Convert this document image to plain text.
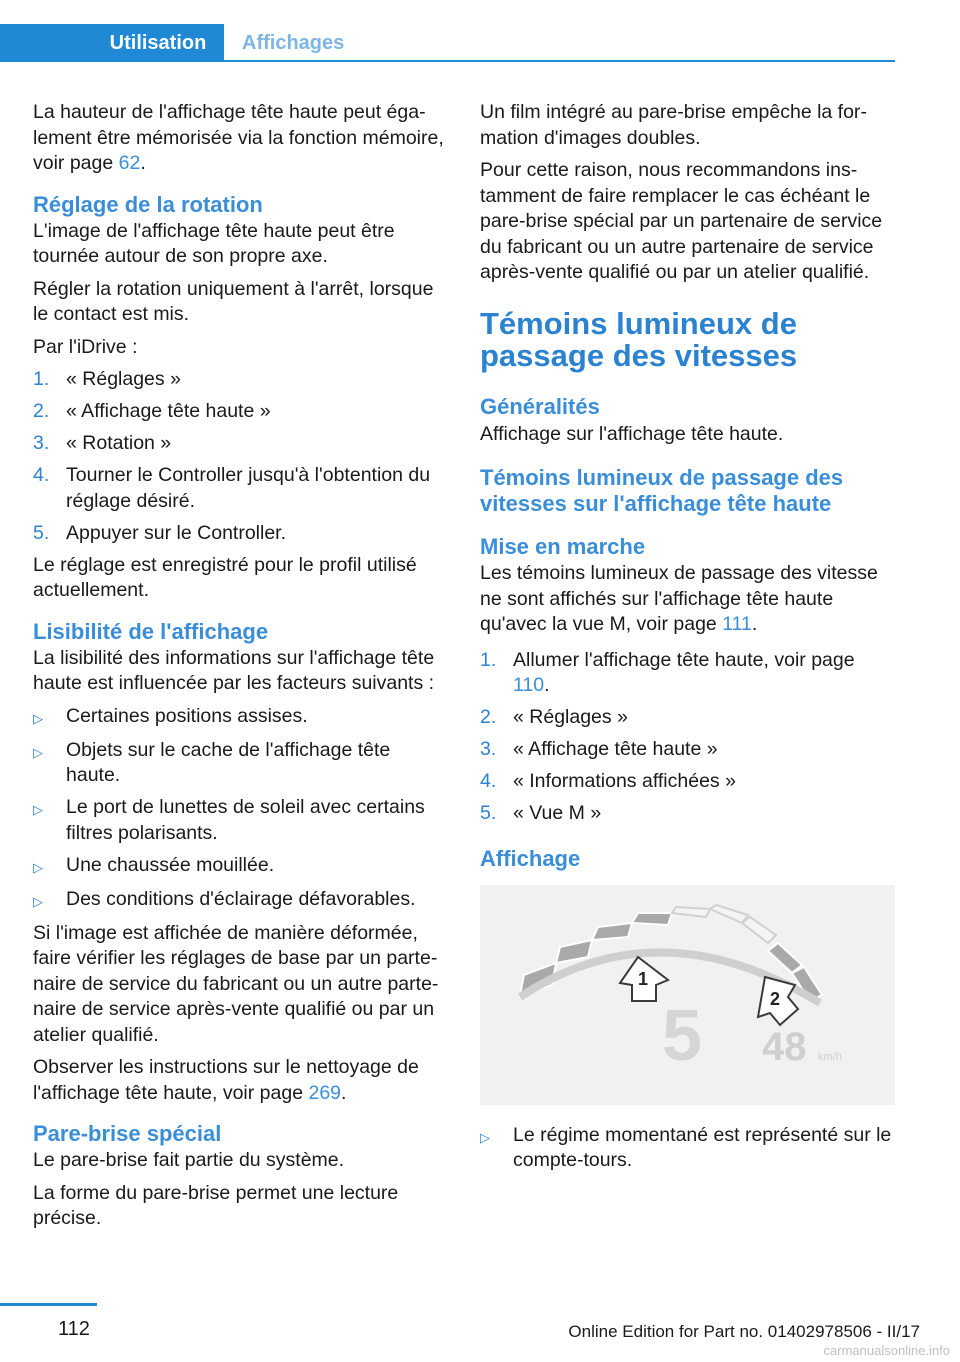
Utilisation	Affichages

La hauteur de l'affichage tête haute peut également être mémorisée via la fonction mémoire, voir page 62.

Réglage de la rotation

L'image de l'affichage tête haute peut être tournée autour de son propre axe.

Régler la rotation uniquement à l'arrêt, lorsque le contact est mis.

Par l'iDrive :

1. « Réglages »
2. « Affichage tête haute »
3. « Rotation »
4. Tourner le Controller jusqu'à l'obtention du réglage désiré.
5. Appuyer sur le Controller.

Le réglage est enregistré pour le profil utilisé actuellement.

Lisibilité de l'affichage

La lisibilité des informations sur l'affichage tête haute est influencée par les facteurs suivants :

▷	Certaines positions assises.
▷	Objets sur le cache de l'affichage tête haute.
▷	Le port de lunettes de soleil avec certains filtres polarisants.
▷	Une chaussée mouillée.
▷	Des conditions d'éclairage défavorables.

Si l'image est affichée de manière déformée, faire vérifier les réglages de base par un partenaire de service du fabricant ou un autre partenaire de service après-vente qualifié ou par un atelier qualifié.

Observer les instructions sur le nettoyage de l'affichage tête haute, voir page 269.

Pare-brise spécial

Le pare-brise fait partie du système.

La forme du pare-brise permet une lecture précise.

Un film intégré au pare-brise empêche la formation d'images doubles.

Pour cette raison, nous recommandons instamment de faire remplacer le cas échéant le pare-brise spécial par un partenaire de service du fabricant ou un autre partenaire de service après-vente qualifié ou par un atelier qualifié.

Témoins lumineux de passage des vitesses
Généralités

Affichage sur l'affichage tête haute.

Témoins lumineux de passage des vitesses sur l'affichage tête haute
Mise en marche

Les témoins lumineux de passage des vitesse ne sont affichés sur l'affichage tête haute qu'avec la vue M, voir page 111.

1. Allumer l'affichage tête haute, voir page 110.
2. « Réglages »
3. « Affichage tête haute »
4. « Informations affichées »
5. « Vue M »
Affichage
1
2
5 48 km/h
▷	Le régime momentané est représenté sur le compte-tours.
112	Online Edition for Part no. 01402978506 - II/17
carmanualsonline.info
